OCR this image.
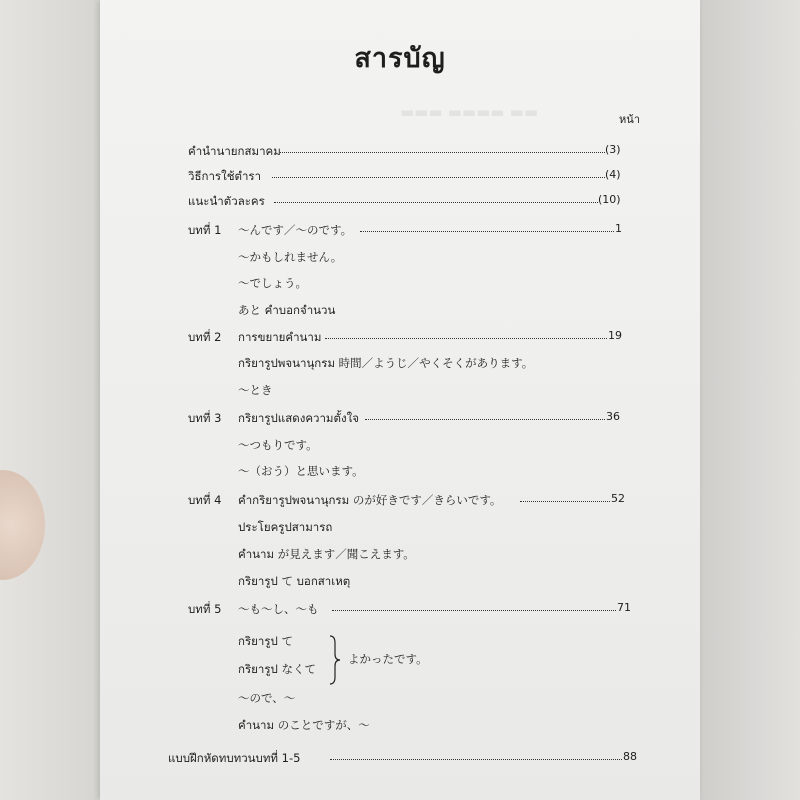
▬▬▬ ▬▬▬▬ ▬▬
สารบัญ
หน้า
คำนำนายกสมาคม	(3)
วิธีการใช้ตำรา	(4)
แนะนำตัวละคร	(10)
บทที่ 1 ～んです／～のです。	1
～かもしれません。
～でしょう。
あと คำบอกจำนวน
บทที่ 2 การขยายคำนาม	19
กริยารูปพจนานุกรม 時間／ようじ／やくそくがあります。
～とき
บทที่ 3 กริยารูปแสดงความตั้งใจ	36
～つもりです。
～（おう）と思います。
บทที่ 4 คำกริยารูปพจนานุกรม のが好きです／きらいです。	52
ประโยครูปสามารถ
คำนาม が見えます／聞こえます。
กริยารูป て บอกสาเหตุ
บทที่ 5 ～も～し、～も	71
กริยารูป て
กริยารูป なくて
よかったです。
～ので、～
คำนาม のことですが、～
แบบฝึกหัดทบทวนบทที่ 1-5	88
